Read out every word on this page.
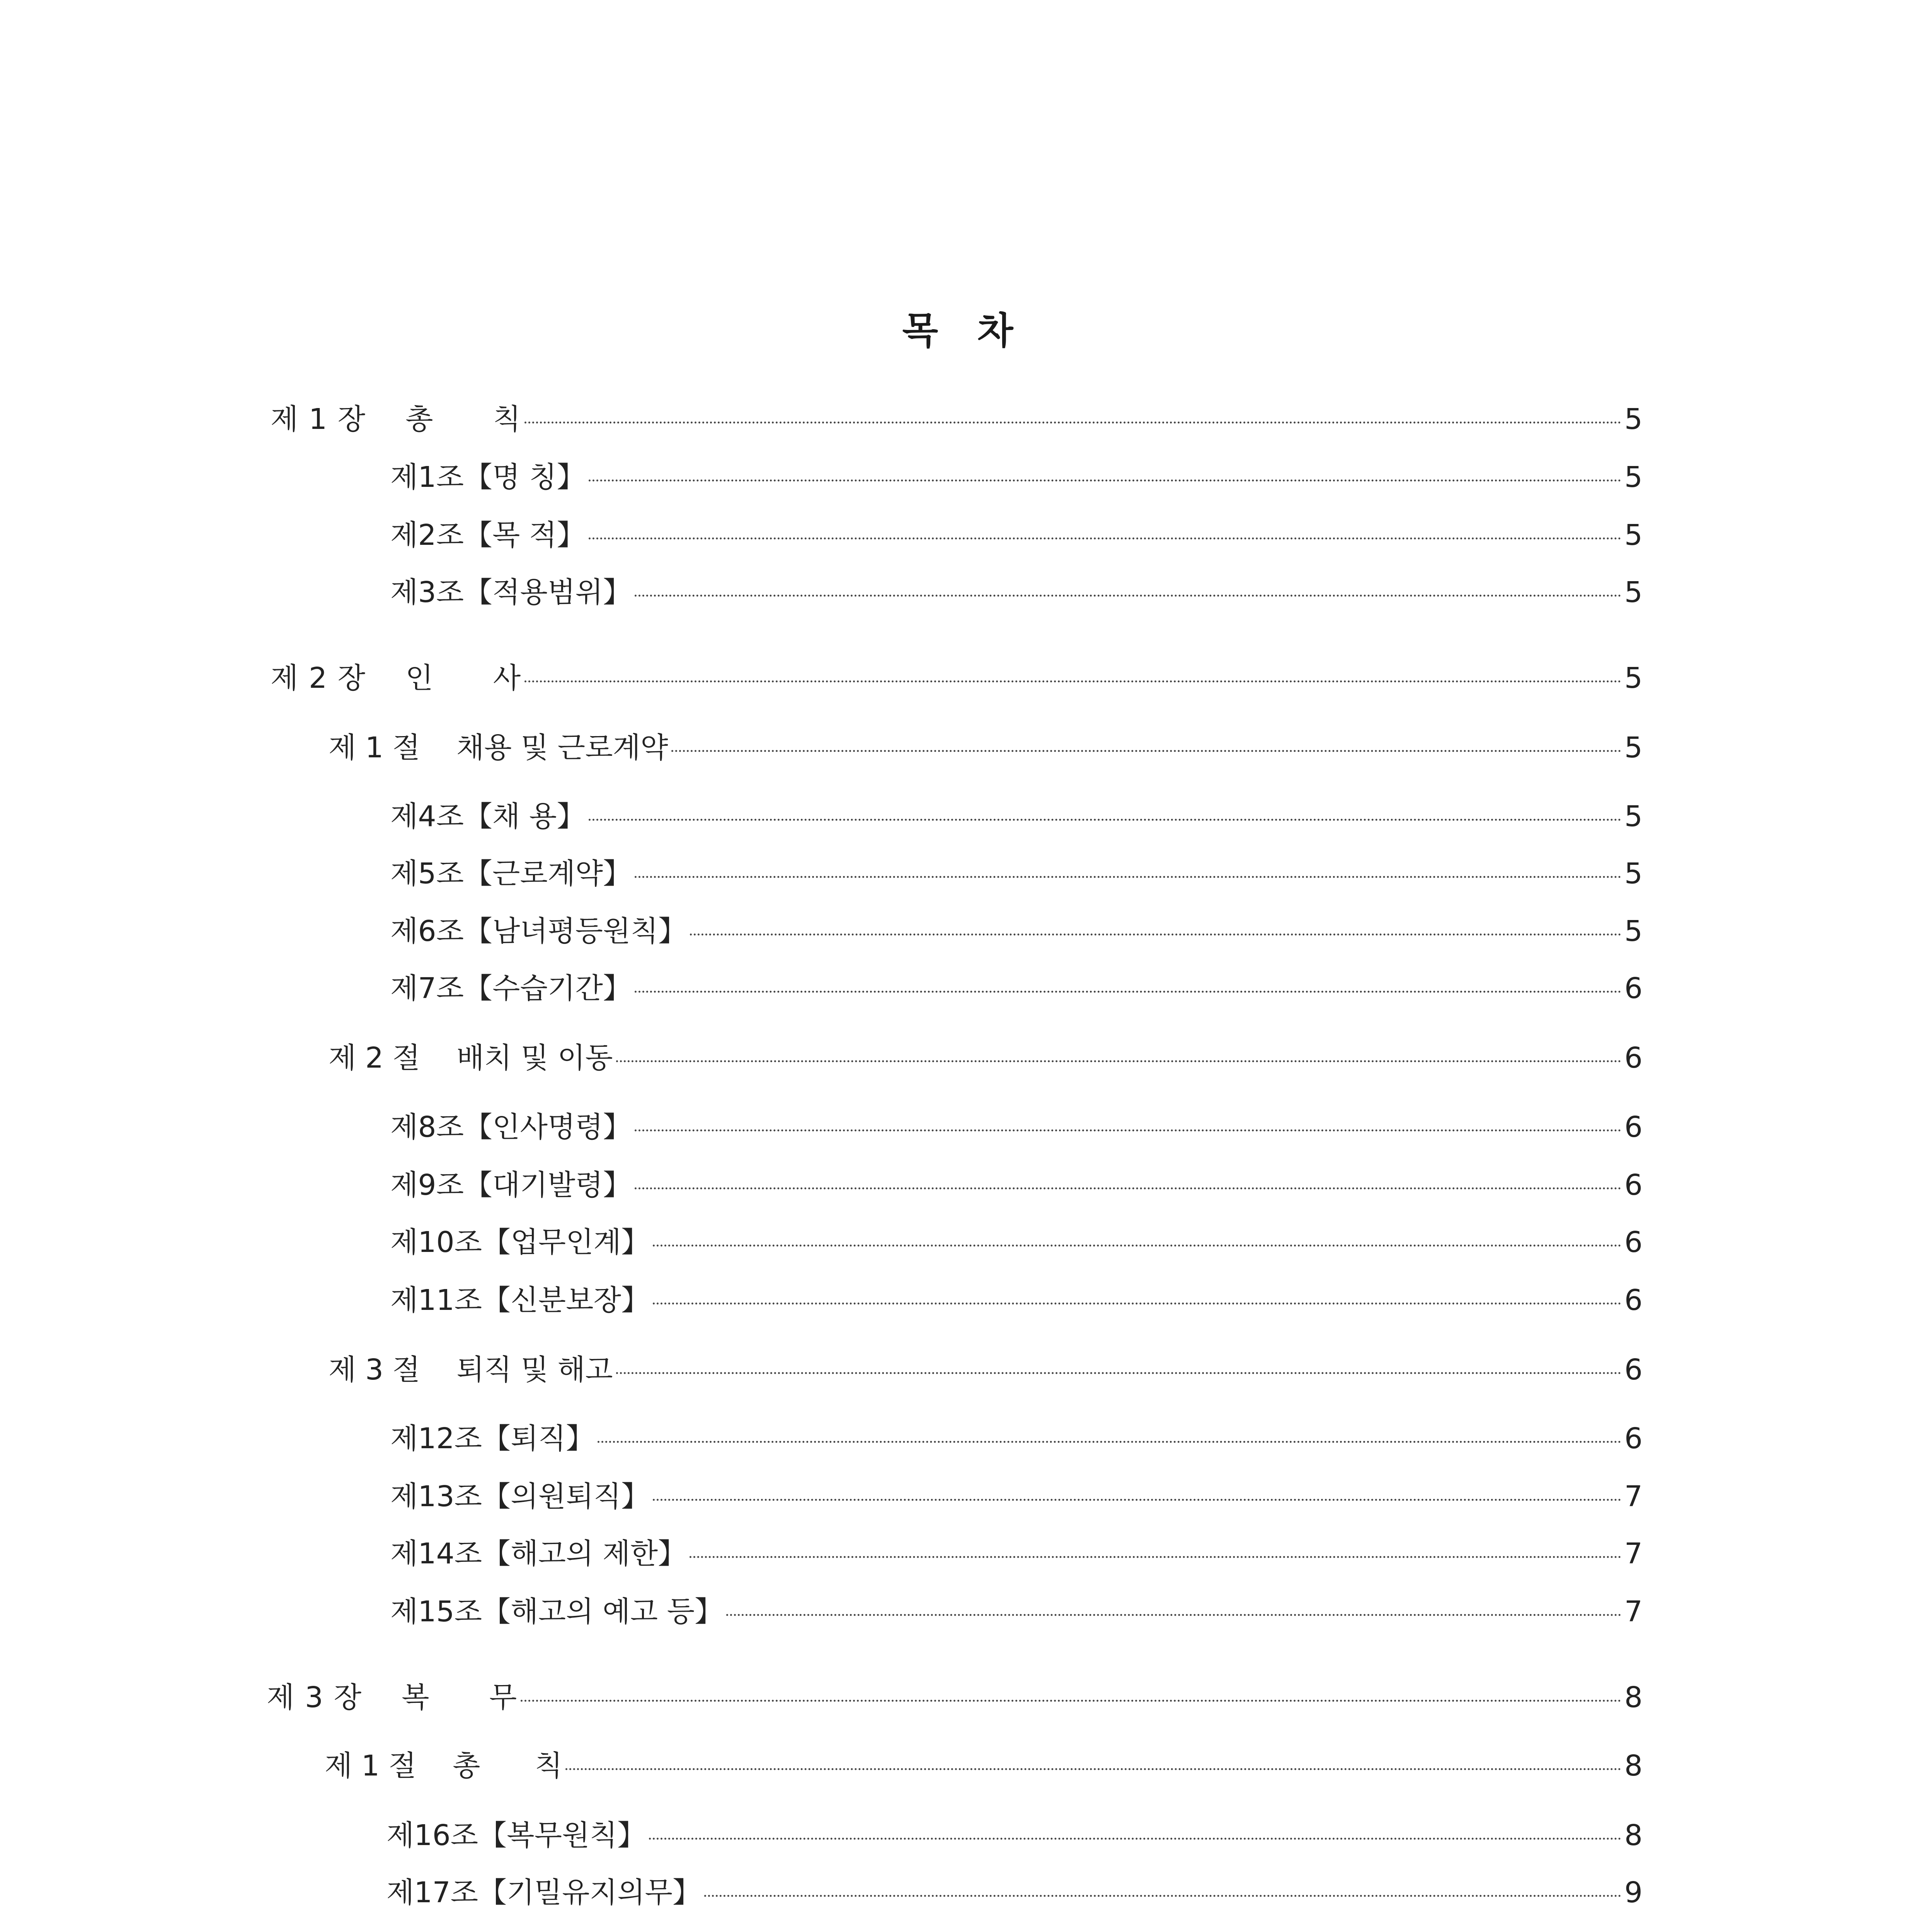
목 차
제 1 장    총      칙	5
제1조【명 칭】	5
제2조【목 적】	5
제3조【적용범위】	5
제 2 장    인      사	5
제 1 절    채용 및 근로계약	5
제4조【채 용】	5
제5조【근로계약】	5
제6조【남녀평등원칙】	5
제7조【수습기간】	6
제 2 절    배치 및 이동	6
제8조【인사명령】	6
제9조【대기발령】	6
제10조【업무인계】	6
제11조【신분보장】	6
제 3 절    퇴직 및 해고	6
제12조【퇴직】	6
제13조【의원퇴직】	7
제14조【해고의 제한】	7
제15조【해고의 예고 등】	7
제 3 장    복      무	8
제 1 절    총      칙	8
제16조【복무원칙】	8
제17조【기밀유지의무】	9
